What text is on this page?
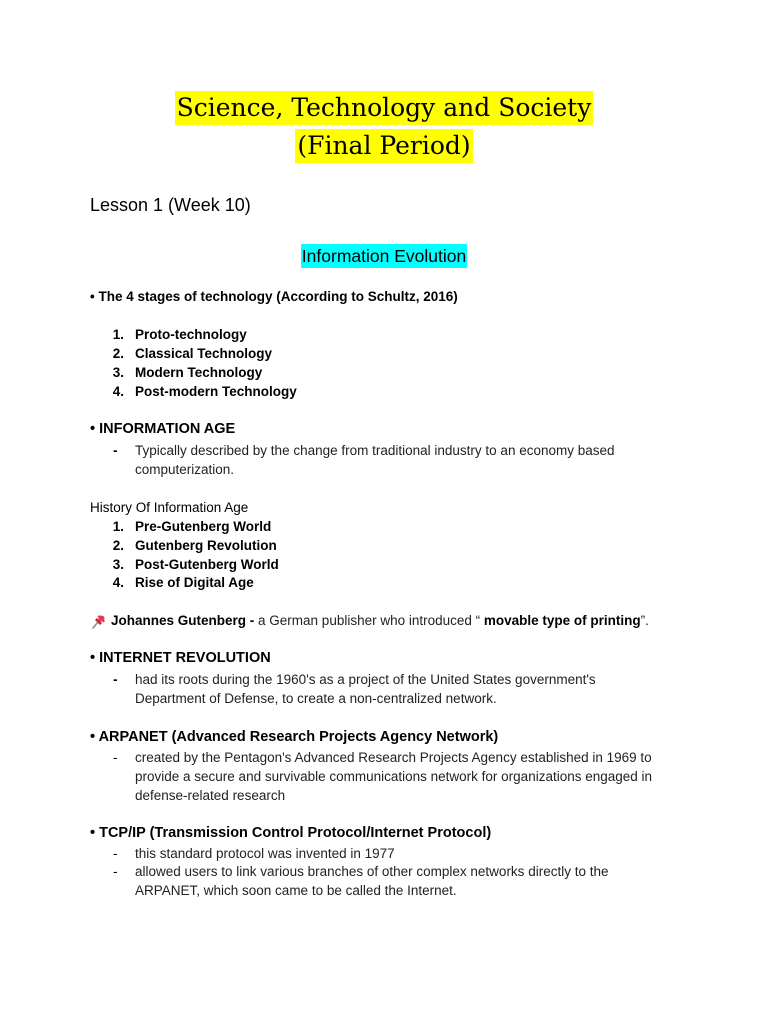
Science, Technology and Society
(Final Period)
Lesson 1 (Week 10)
Information Evolution
• The 4 stages of technology (According to Schultz, 2016)
1. Proto-technology
2. Classical Technology
3. Modern Technology
4. Post-modern Technology
• INFORMATION AGE
- Typically described by the change from traditional industry to an economy based
computerization.
History Of Information Age
1. Pre-Gutenberg World
2. Gutenberg Revolution
3. Post-Gutenberg World
4. Rise of Digital Age
Johannes Gutenberg - a German publisher who introduced “ movable type of printing”.
• INTERNET REVOLUTION
- had its roots during the 1960's as a project of the United States government's
Department of Defense, to create a non-centralized network.
• ARPANET (Advanced Research Projects Agency Network)
- created by the Pentagon's Advanced Research Projects Agency established in 1969 to
provide a secure and survivable communications network for organizations engaged in
defense-related research
• TCP/IP (Transmission Control Protocol/Internet Protocol)
- this standard protocol was invented in 1977
- allowed users to link various branches of other complex networks directly to the
ARPANET, which soon came to be called the Internet.
